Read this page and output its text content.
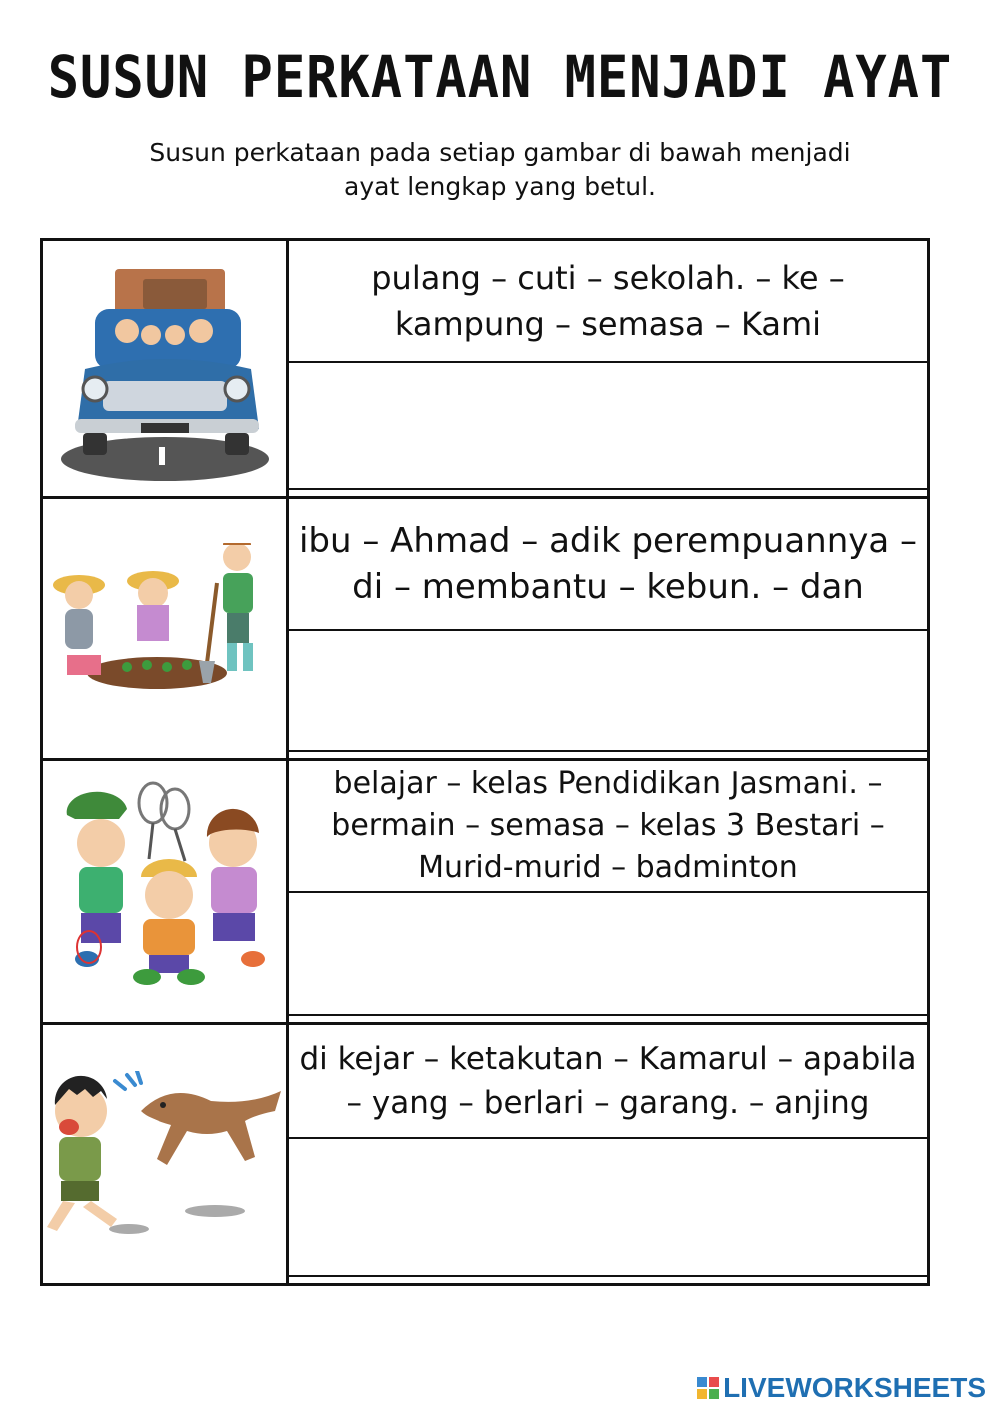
SUSUN PERKATAAN MENJADI AYAT
Susun perkataan pada setiap gambar di bawah menjadi
ayat lengkap yang betul.
pulang – cuti – sekolah. – ke –
kampung – semasa – Kami
ibu – Ahmad – adik perempuannya –
di – membantu – kebun. – dan
belajar – kelas Pendidikan Jasmani. –
bermain – semasa – kelas 3 Bestari –
Murid-murid – badminton
di kejar – ketakutan – Kamarul – apabila
– yang – berlari – garang. – anjing
LIVEWORKSHEETS
